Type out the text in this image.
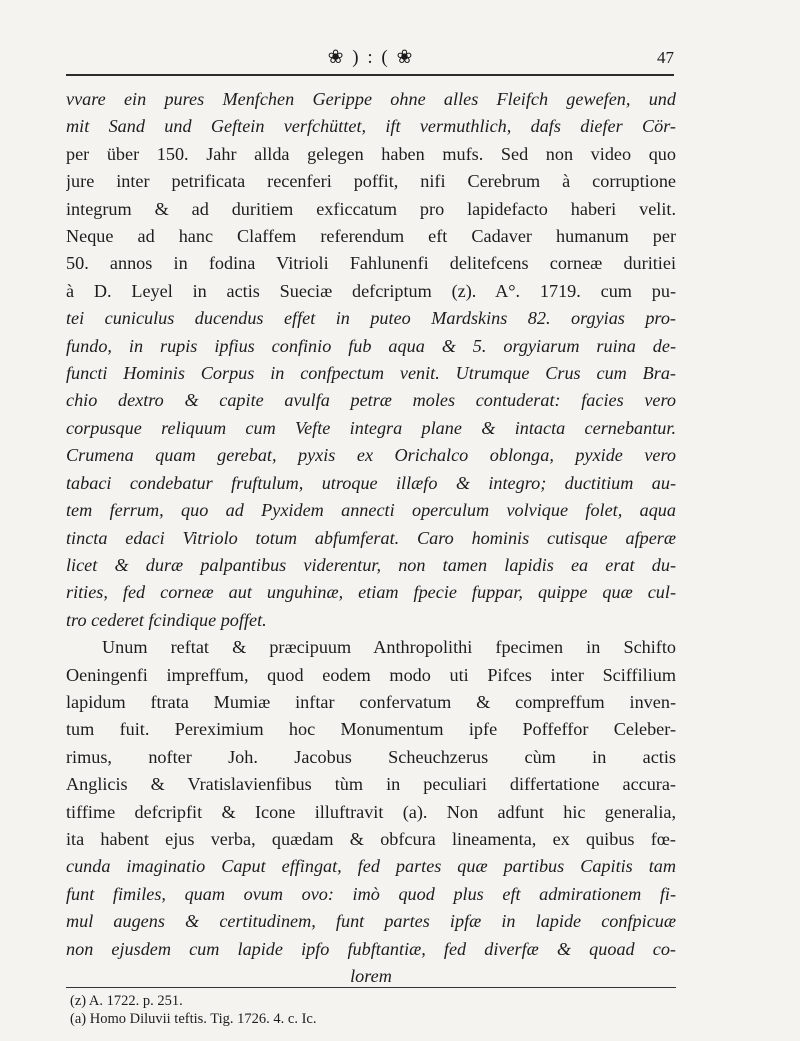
❀ ) : ( ❀	47
vvare ein pures Menfchen Gerippe ohne alles Fleifch gewefen, und
mit Sand und Geftein verfchüttet, ift vermuthlich, dafs diefer Cör-
per über 150. Jahr allda gelegen haben mufs. Sed non video quo
jure inter petrificata recenferi poffit, nifi Cerebrum à corruptione
integrum & ad duritiem exficcatum pro lapidefacto haberi velit.
Neque ad hanc Claffem referendum eft Cadaver humanum per
50. annos in fodina Vitrioli Fahlunenfi delitefcens corneæ duritiei
à D. Leyel in actis Sueciæ defcriptum (z). A°. 1719. cum pu-
tei cuniculus ducendus effet in puteo Mardskins 82. orgyias pro-
fundo, in rupis ipfius confinio fub aqua & 5. orgyiarum ruina de-
functi Hominis Corpus in confpectum venit. Utrumque Crus cum Bra-
chio dextro & capite avulfa petræ moles contuderat: facies vero
corpusque reliquum cum Vefte integra plane & intacta cernebantur.
Crumena quam gerebat, pyxis ex Orichalco oblonga, pyxide vero
tabaci condebatur fruftulum, utroque illæfo & integro; ductitium au-
tem ferrum, quo ad Pyxidem annecti operculum volvique folet, aqua
tincta edaci Vitriolo totum abfumferat. Caro hominis cutisque afperæ
licet & duræ palpantibus viderentur, non tamen lapidis ea erat du-
rities, fed corneæ aut unguhinæ, etiam fpecie fuppar, quippe quæ cul-
tro cederet fcindique poffet.
Unum reftat & præcipuum Anthropolithi fpecimen in Schifto
Oeningenfi impreffum, quod eodem modo uti Pifces inter Sciffilium
lapidum ftrata Mumiæ inftar confervatum & compreffum inven-
tum fuit. Pereximium hoc Monumentum ipfe Poffeffor Celeber-
rimus, nofter Joh. Jacobus Scheuchzerus cùm in actis
Anglicis & Vratislavienfibus tùm in peculiari differtatione accura-
tiffime defcripfit & Icone illuftravit (a). Non adfunt hic generalia,
ita habent ejus verba, quædam & obfcura lineamenta, ex quibus fœ-
cunda imaginatio Caput effingat, fed partes quæ partibus Capitis tam
funt fimiles, quam ovum ovo: imò quod plus eft admirationem fi-
mul augens & certitudinem, funt partes ipfæ in lapide confpicuæ
non ejusdem cum lapide ipfo fubftantiæ, fed diverfæ & quoad co-
lorem
(z) A. 1722. p. 251.
(a) Homo Diluvii teftis. Tig. 1726. 4. c. Ic.
